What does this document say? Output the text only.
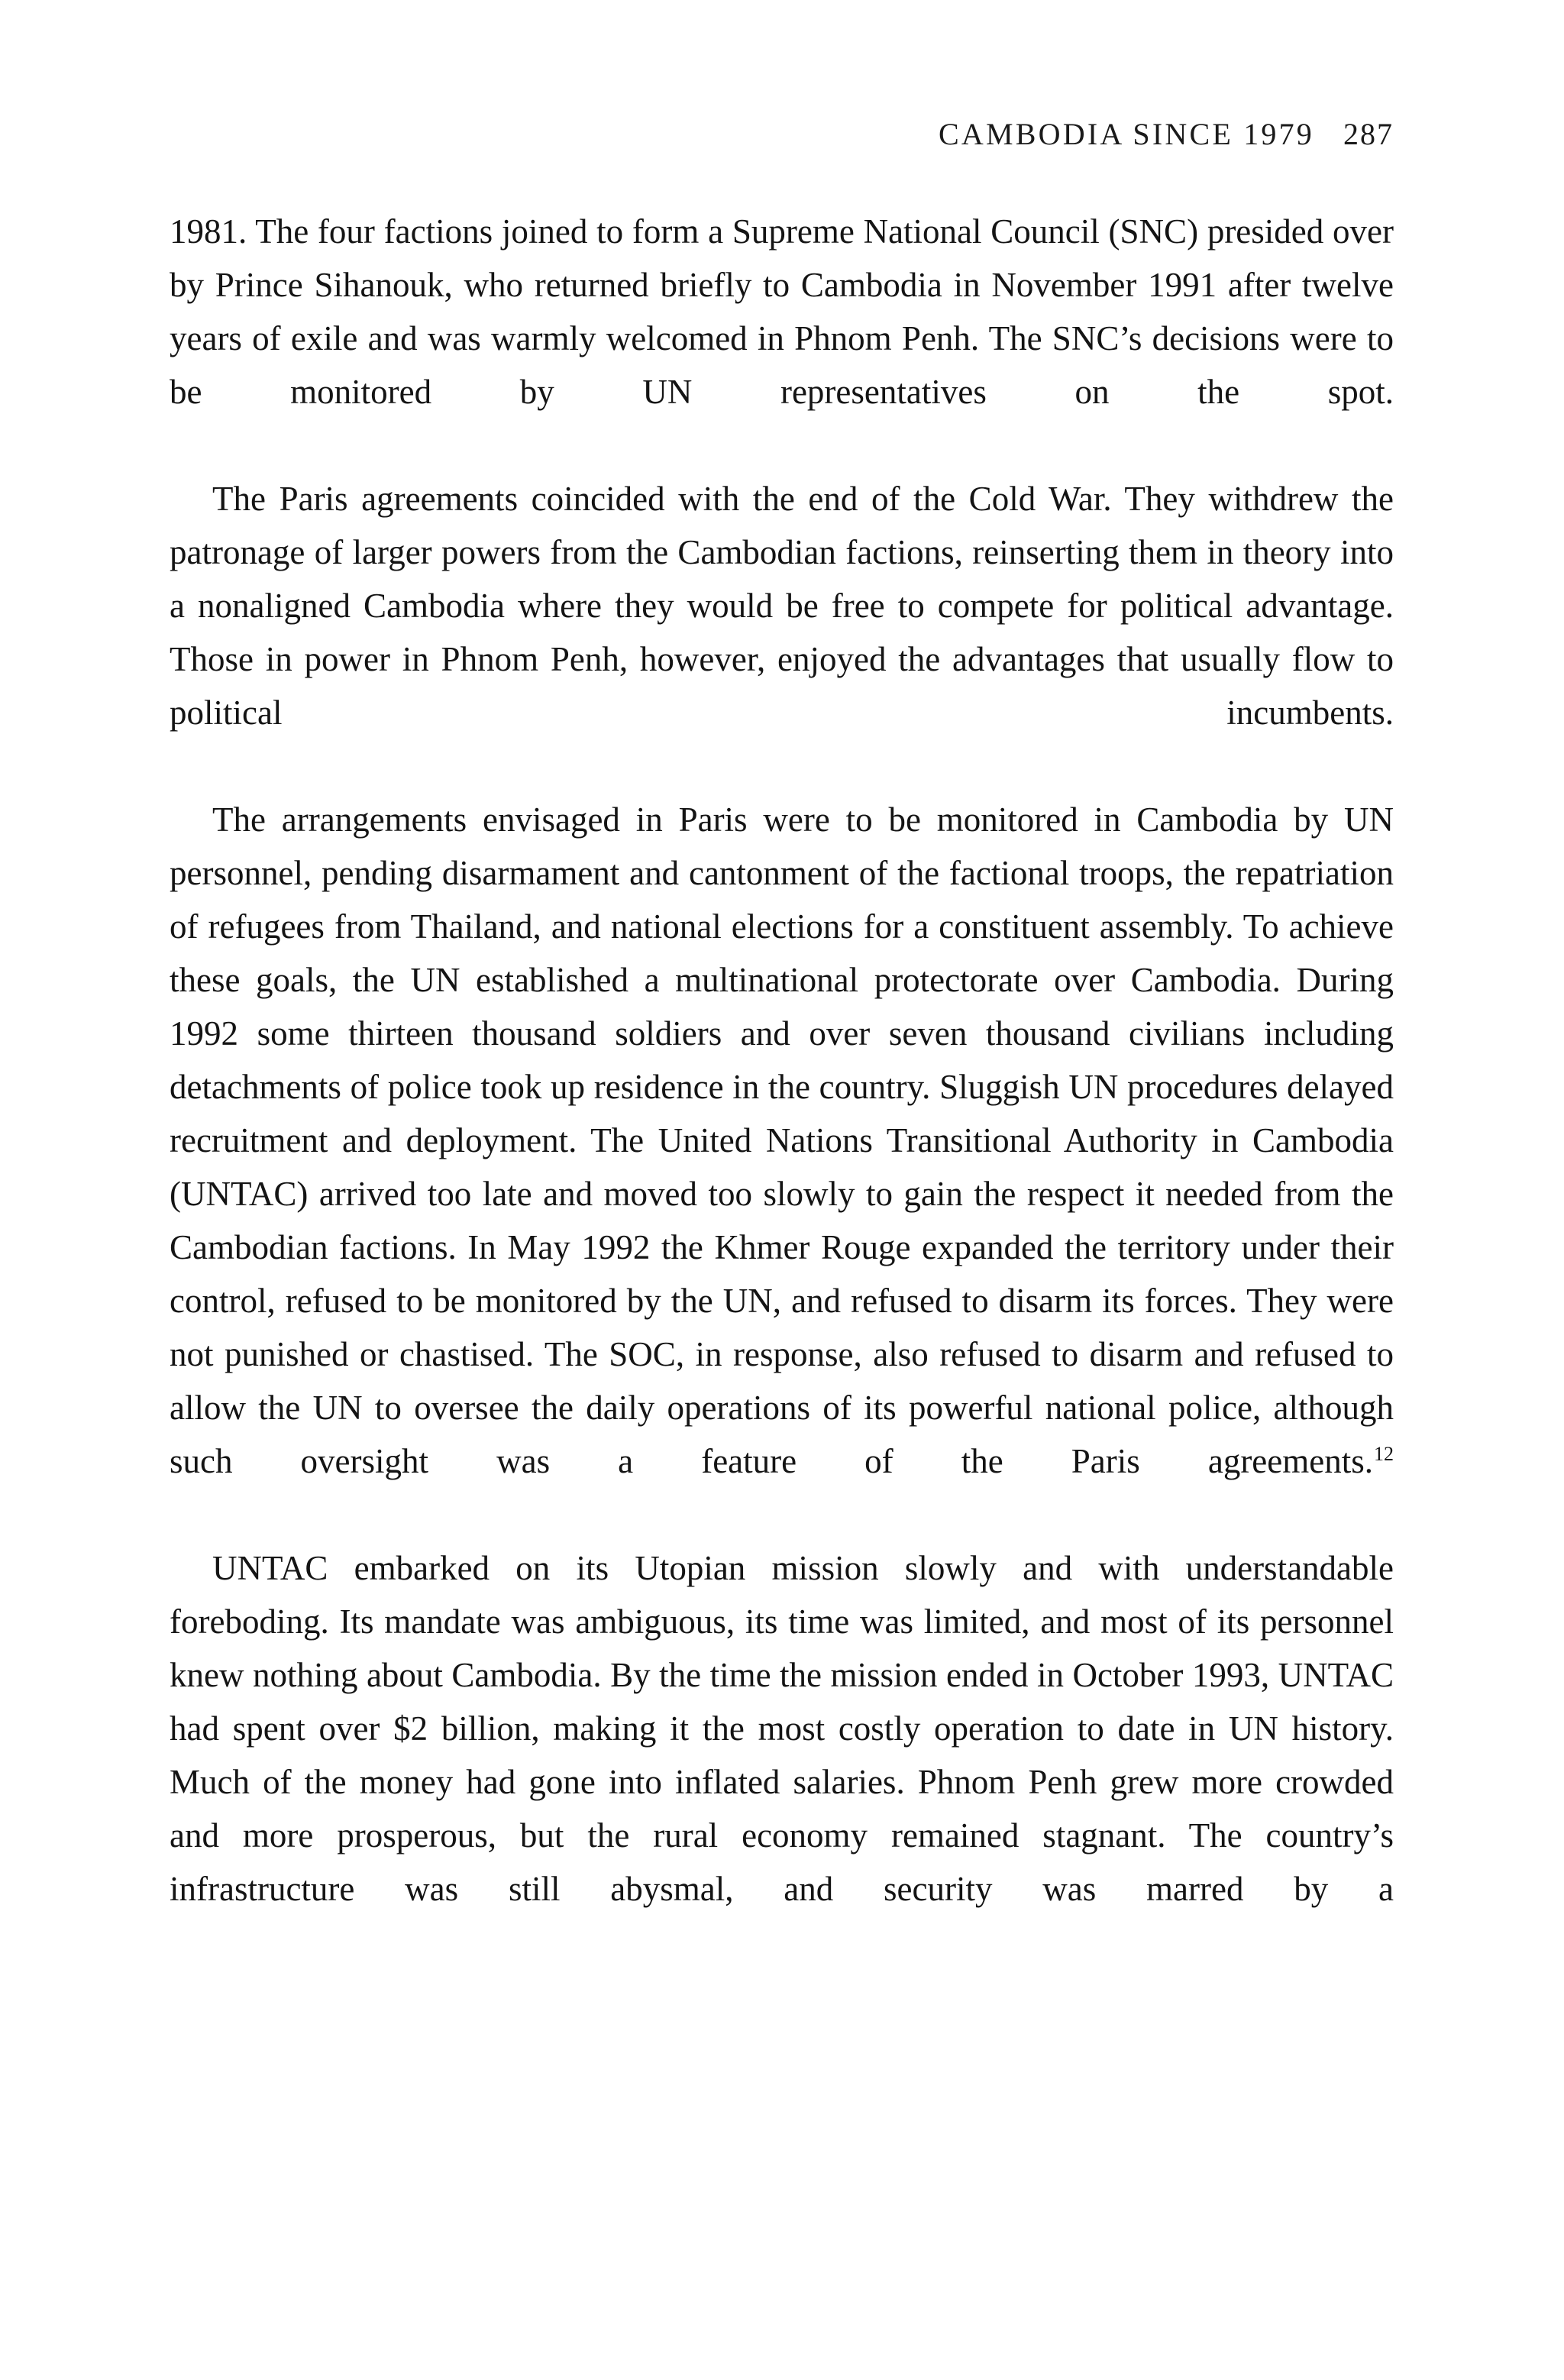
CAMBODIA SINCE 1979 287

1981. The four factions joined to form a Supreme National Council (SNC) presided over by Prince Sihanouk, who returned briefly to Cambodia in November 1991 after twelve years of exile and was warmly welcomed in Phnom Penh. The SNC’s decisions were to be monitored by UN representatives on the spot.

The Paris agreements coincided with the end of the Cold War. They withdrew the patronage of larger powers from the Cambodian factions, reinserting them in theory into a nonaligned Cambodia where they would be free to compete for political advantage. Those in power in Phnom Penh, however, enjoyed the advantages that usually flow to political incumbents.

The arrangements envisaged in Paris were to be monitored in Cambodia by UN personnel, pending disarmament and cantonment of the factional troops, the repatriation of refugees from Thailand, and national elections for a constituent assembly. To achieve these goals, the UN established a multinational protectorate over Cambodia. During 1992 some thirteen thousand soldiers and over seven thousand civilians including detachments of police took up residence in the country. Sluggish UN procedures delayed recruitment and deployment. The United Nations Transitional Authority in Cambodia (UNTAC) arrived too late and moved too slowly to gain the respect it needed from the Cambodian factions. In May 1992 the Khmer Rouge expanded the territory under their control, refused to be monitored by the UN, and refused to disarm its forces. They were not punished or chastised. The SOC, in response, also refused to disarm and refused to allow the UN to oversee the daily operations of its powerful national police, although such oversight was a feature of the Paris agreements.$^{12}$

UNTAC embarked on its Utopian mission slowly and with understandable foreboding. Its mandate was ambiguous, its time was limited, and most of its personnel knew nothing about Cambodia. By the time the mission ended in October 1993, UNTAC had spent over $2 billion, making it the most costly operation to date in UN history. Much of the money had gone into inflated salaries. Phnom Penh grew more crowded and more prosperous, but the rural economy remained stagnant. The country’s infrastructure was still abysmal, and security was marred by a
